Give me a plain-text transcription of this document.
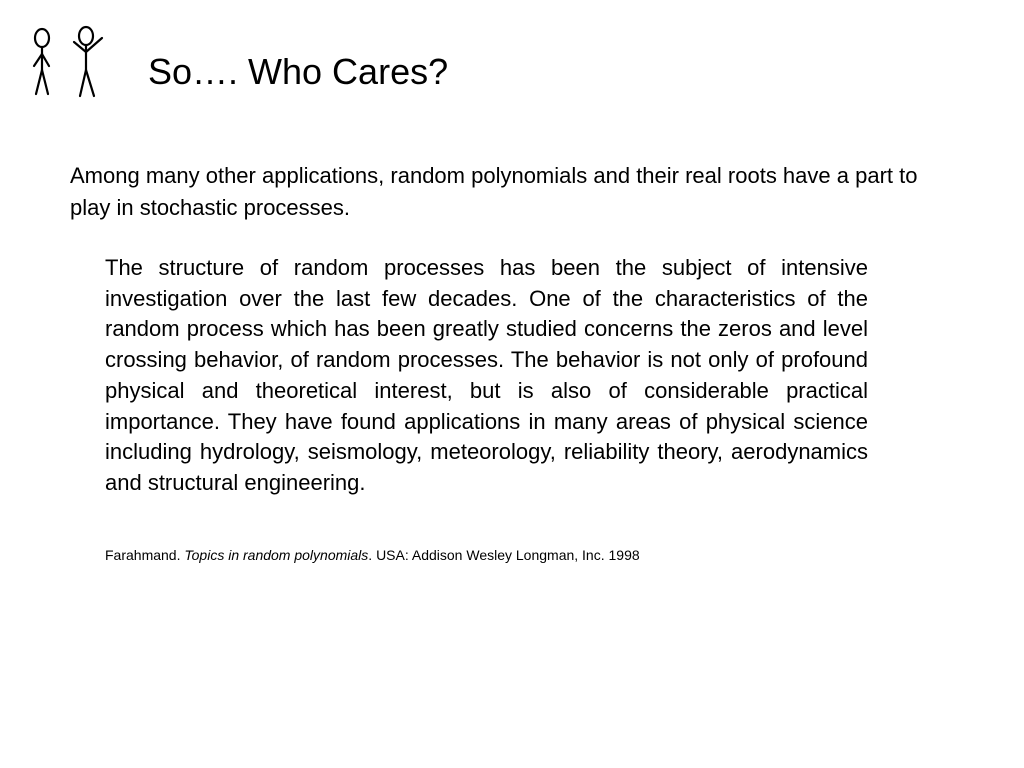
So…. Who Cares?

Among many other applications, random polynomials and their real roots have a part to play in stochastic processes.

The structure of random processes has been the subject of intensive investigation over the last few decades. One of the characteristics of the random process which has been greatly studied concerns the zeros and level crossing behavior, of random processes. The behavior is not only of profound physical and theoretical interest, but is also of considerable practical importance. They have found applications in many areas of physical science including hydrology, seismology, meteorology, reliability theory, aerodynamics and structural engineering.

Farahmand. Topics in random polynomials. USA: Addison Wesley Longman, Inc. 1998
